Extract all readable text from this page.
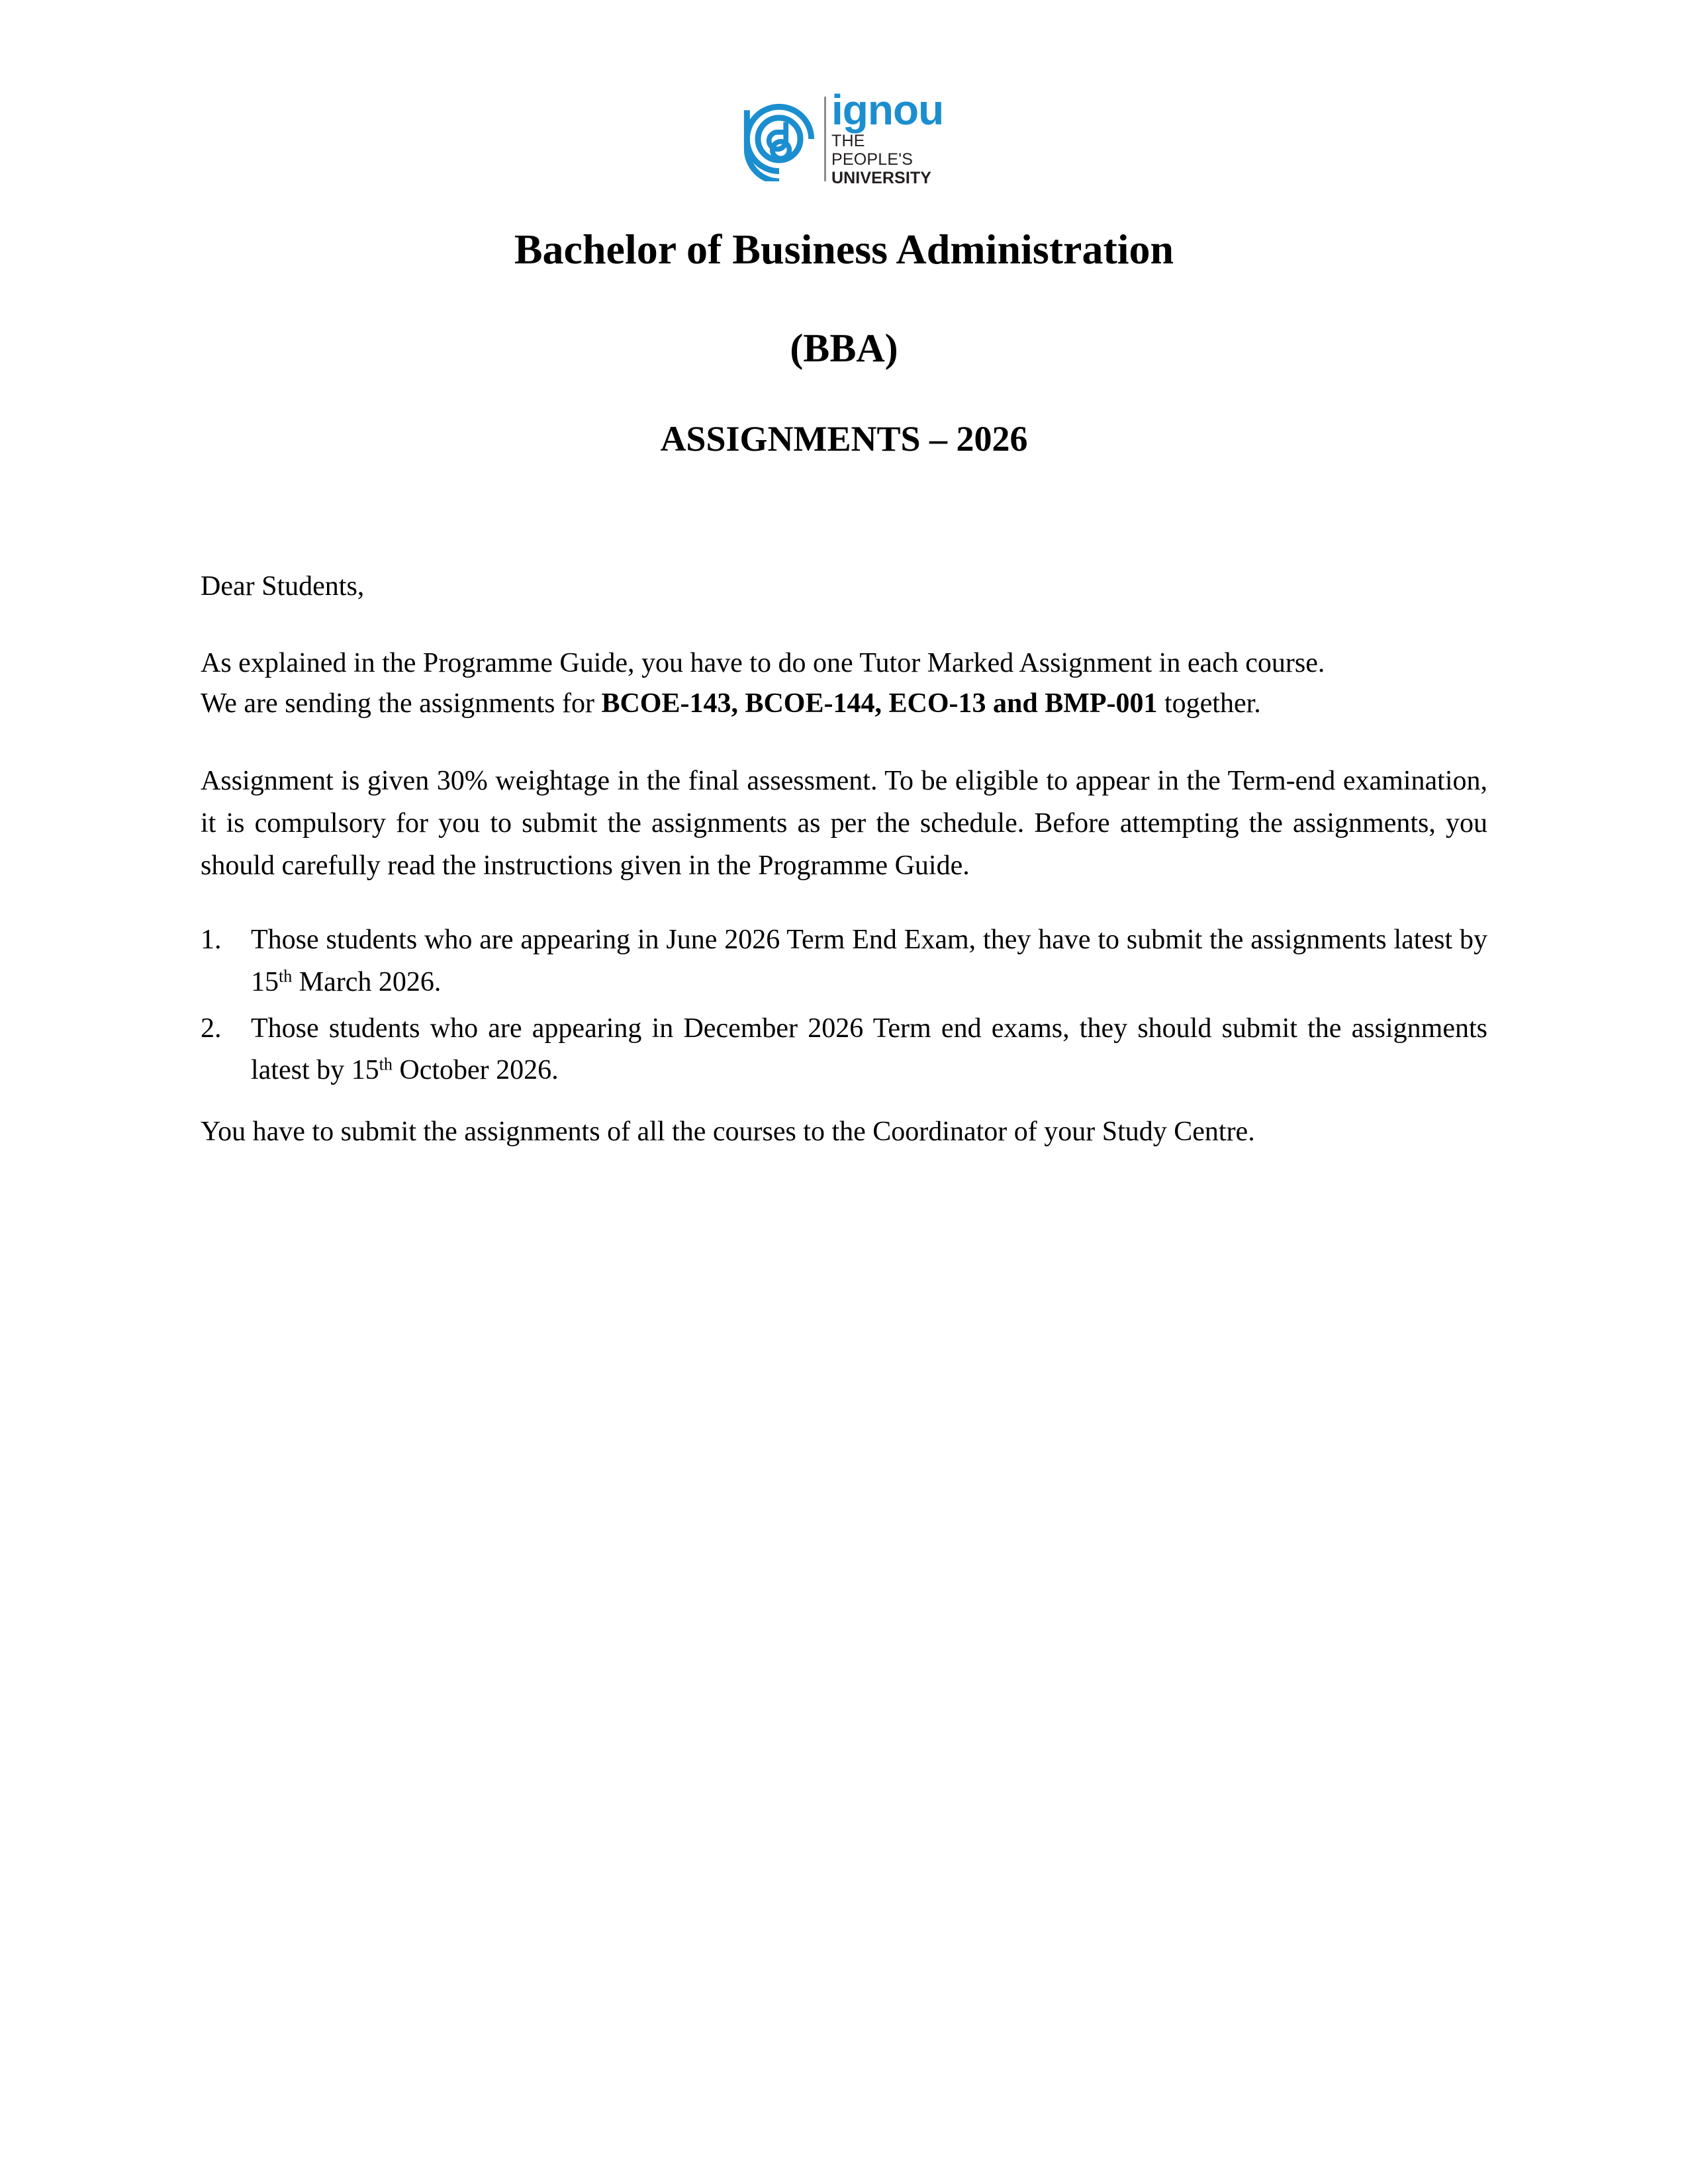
ignou
THE PEOPLE'S
UNIVERSITY
Bachelor of Business Administration
(BBA)
ASSIGNMENTS – 2026

Dear Students,

As explained in the Programme Guide, you have to do one Tutor Marked Assignment in each course.

We are sending the assignments for BCOE-143, BCOE-144, ECO-13 and BMP-001 together.

Assignment is given 30% weightage in the final assessment. To be eligible to appear in the Term-end examination, it is compulsory for you to submit the assignments as per the schedule. Before attempting the assignments, you should carefully read the instructions given in the Programme Guide.

Those students who are appearing in June 2026 Term End Exam, they have to submit the assignments latest by 15th March 2026.
Those students who are appearing in December 2026 Term end exams, they should submit the assignments latest by 15th October 2026.

You have to submit the assignments of all the courses to the Coordinator of your Study Centre.
